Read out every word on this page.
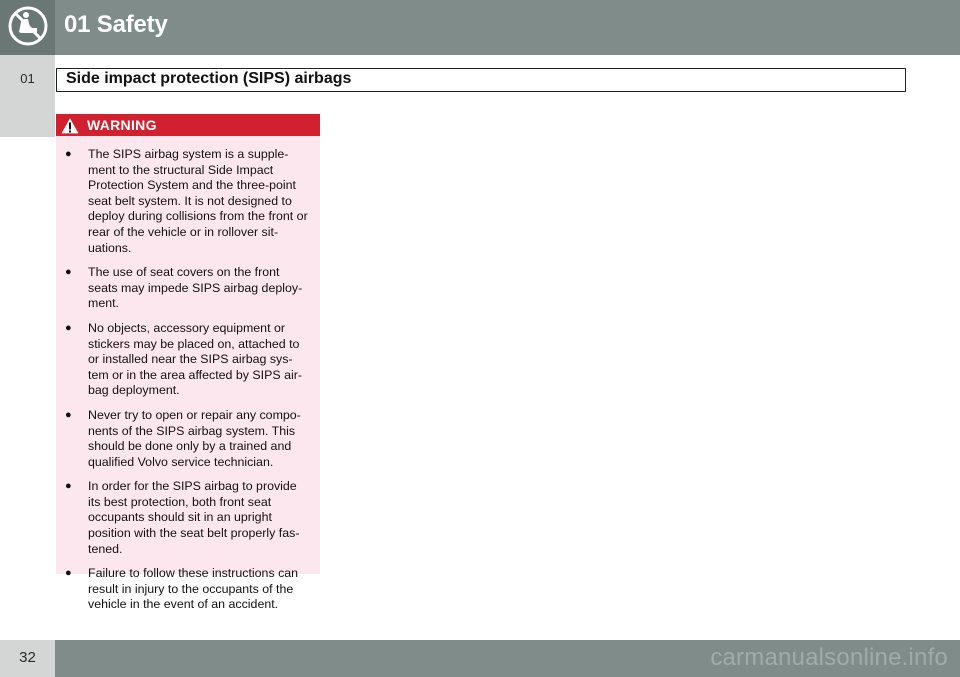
01 Safety
01	Side impact protection (SIPS) airbags
WARNING
● The SIPS airbag system is a supple- ment to the structural Side Impact Protection System and the three-point seat belt system. It is not designed to deploy during collisions from the front or rear of the vehicle or in rollover sit- uations.
● The use of seat covers on the front seats may impede SIPS airbag deploy- ment.
● No objects, accessory equipment or stickers may be placed on, attached to or installed near the SIPS airbag sys- tem or in the area affected by SIPS air- bag deployment.
● Never try to open or repair any compo- nents of the SIPS airbag system. This should be done only by a trained and qualified Volvo service technician.
● In order for the SIPS airbag to provide its best protection, both front seat occupants should sit in an upright position with the seat belt properly fas- tened.
● Failure to follow these instructions can result in injury to the occupants of the vehicle in the event of an accident.
32	carmanualsonline.info
